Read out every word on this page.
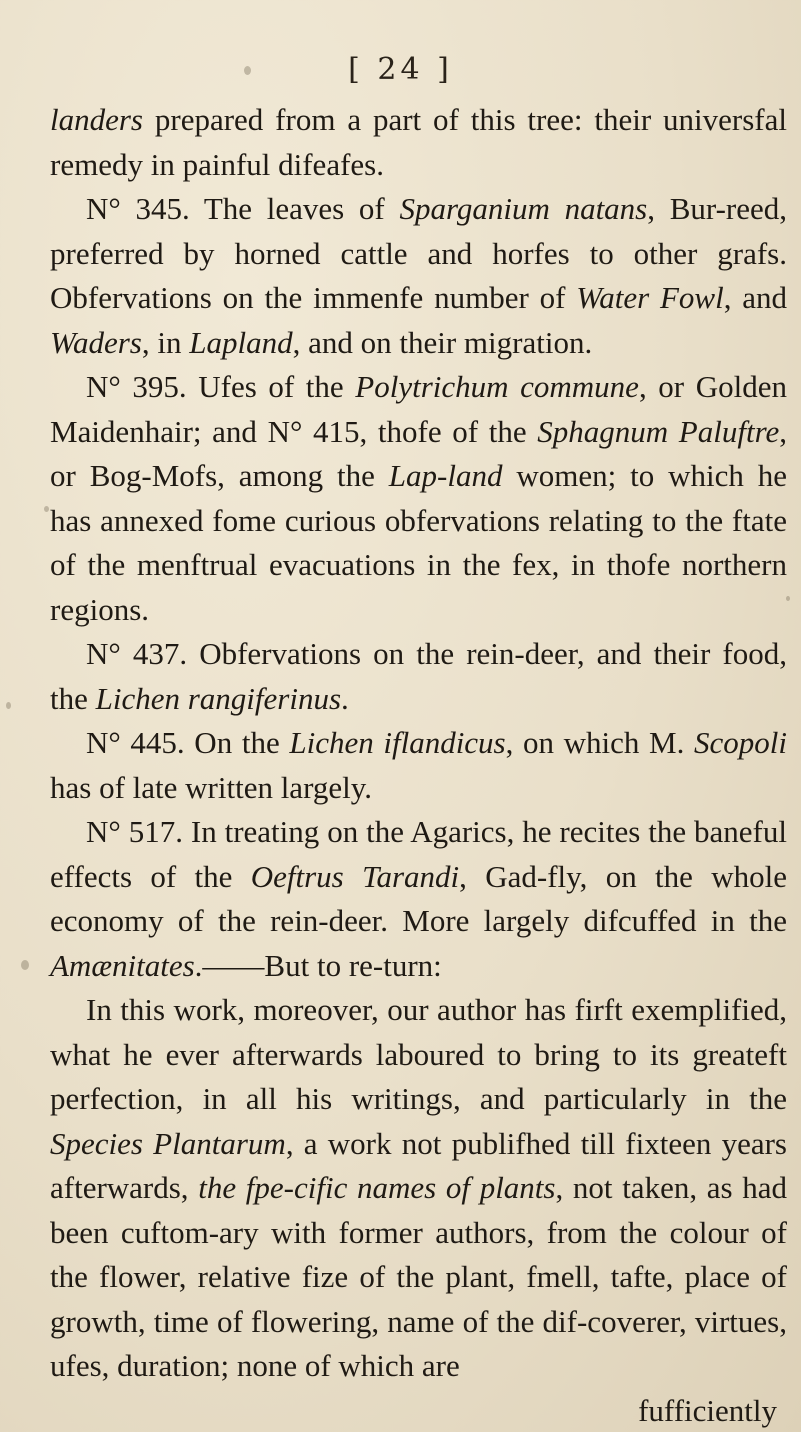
[ 24 ]

landers prepared from a part of this tree: their universfal remedy in painful difeafes.

N° 345. The leaves of Sparganium natans, Bur-reed, preferred by horned cattle and horfes to other grafs. Obfervations on the immenfe number of Water Fowl, and Waders, in Lapland, and on their migration.

N° 395. Ufes of the Polytrichum commune, or Golden Maidenhair; and N° 415, thofe of the Sphagnum Paluftre, or Bog-Mofs, among the Lap-land women; to which he has annexed fome curious obfervations relating to the ftate of the menftrual evacuations in the fex, in thofe northern regions.

N° 437. Obfervations on the rein-deer, and their food, the Lichen rangiferinus.

N° 445. On the Lichen iflandicus, on which M. Scopoli has of late written largely.

N° 517. In treating on the Agarics, he recites the baneful effects of the Oeftrus Tarandi, Gad-fly, on the whole economy of the rein-deer. More largely difcuffed in the Amænitates.——But to re-turn:

In this work, moreover, our author has firft exemplified, what he ever afterwards laboured to bring to its greateft perfection, in all his writings, and particularly in the Species Plantarum, a work not publifhed till fixteen years afterwards, the fpe-cific names of plants, not taken, as had been cuftom-ary with former authors, from the colour of the flower, relative fize of the plant, fmell, tafte, place of growth, time of flowering, name of the dif-coverer, virtues, ufes, duration; none of which are

fufficiently
